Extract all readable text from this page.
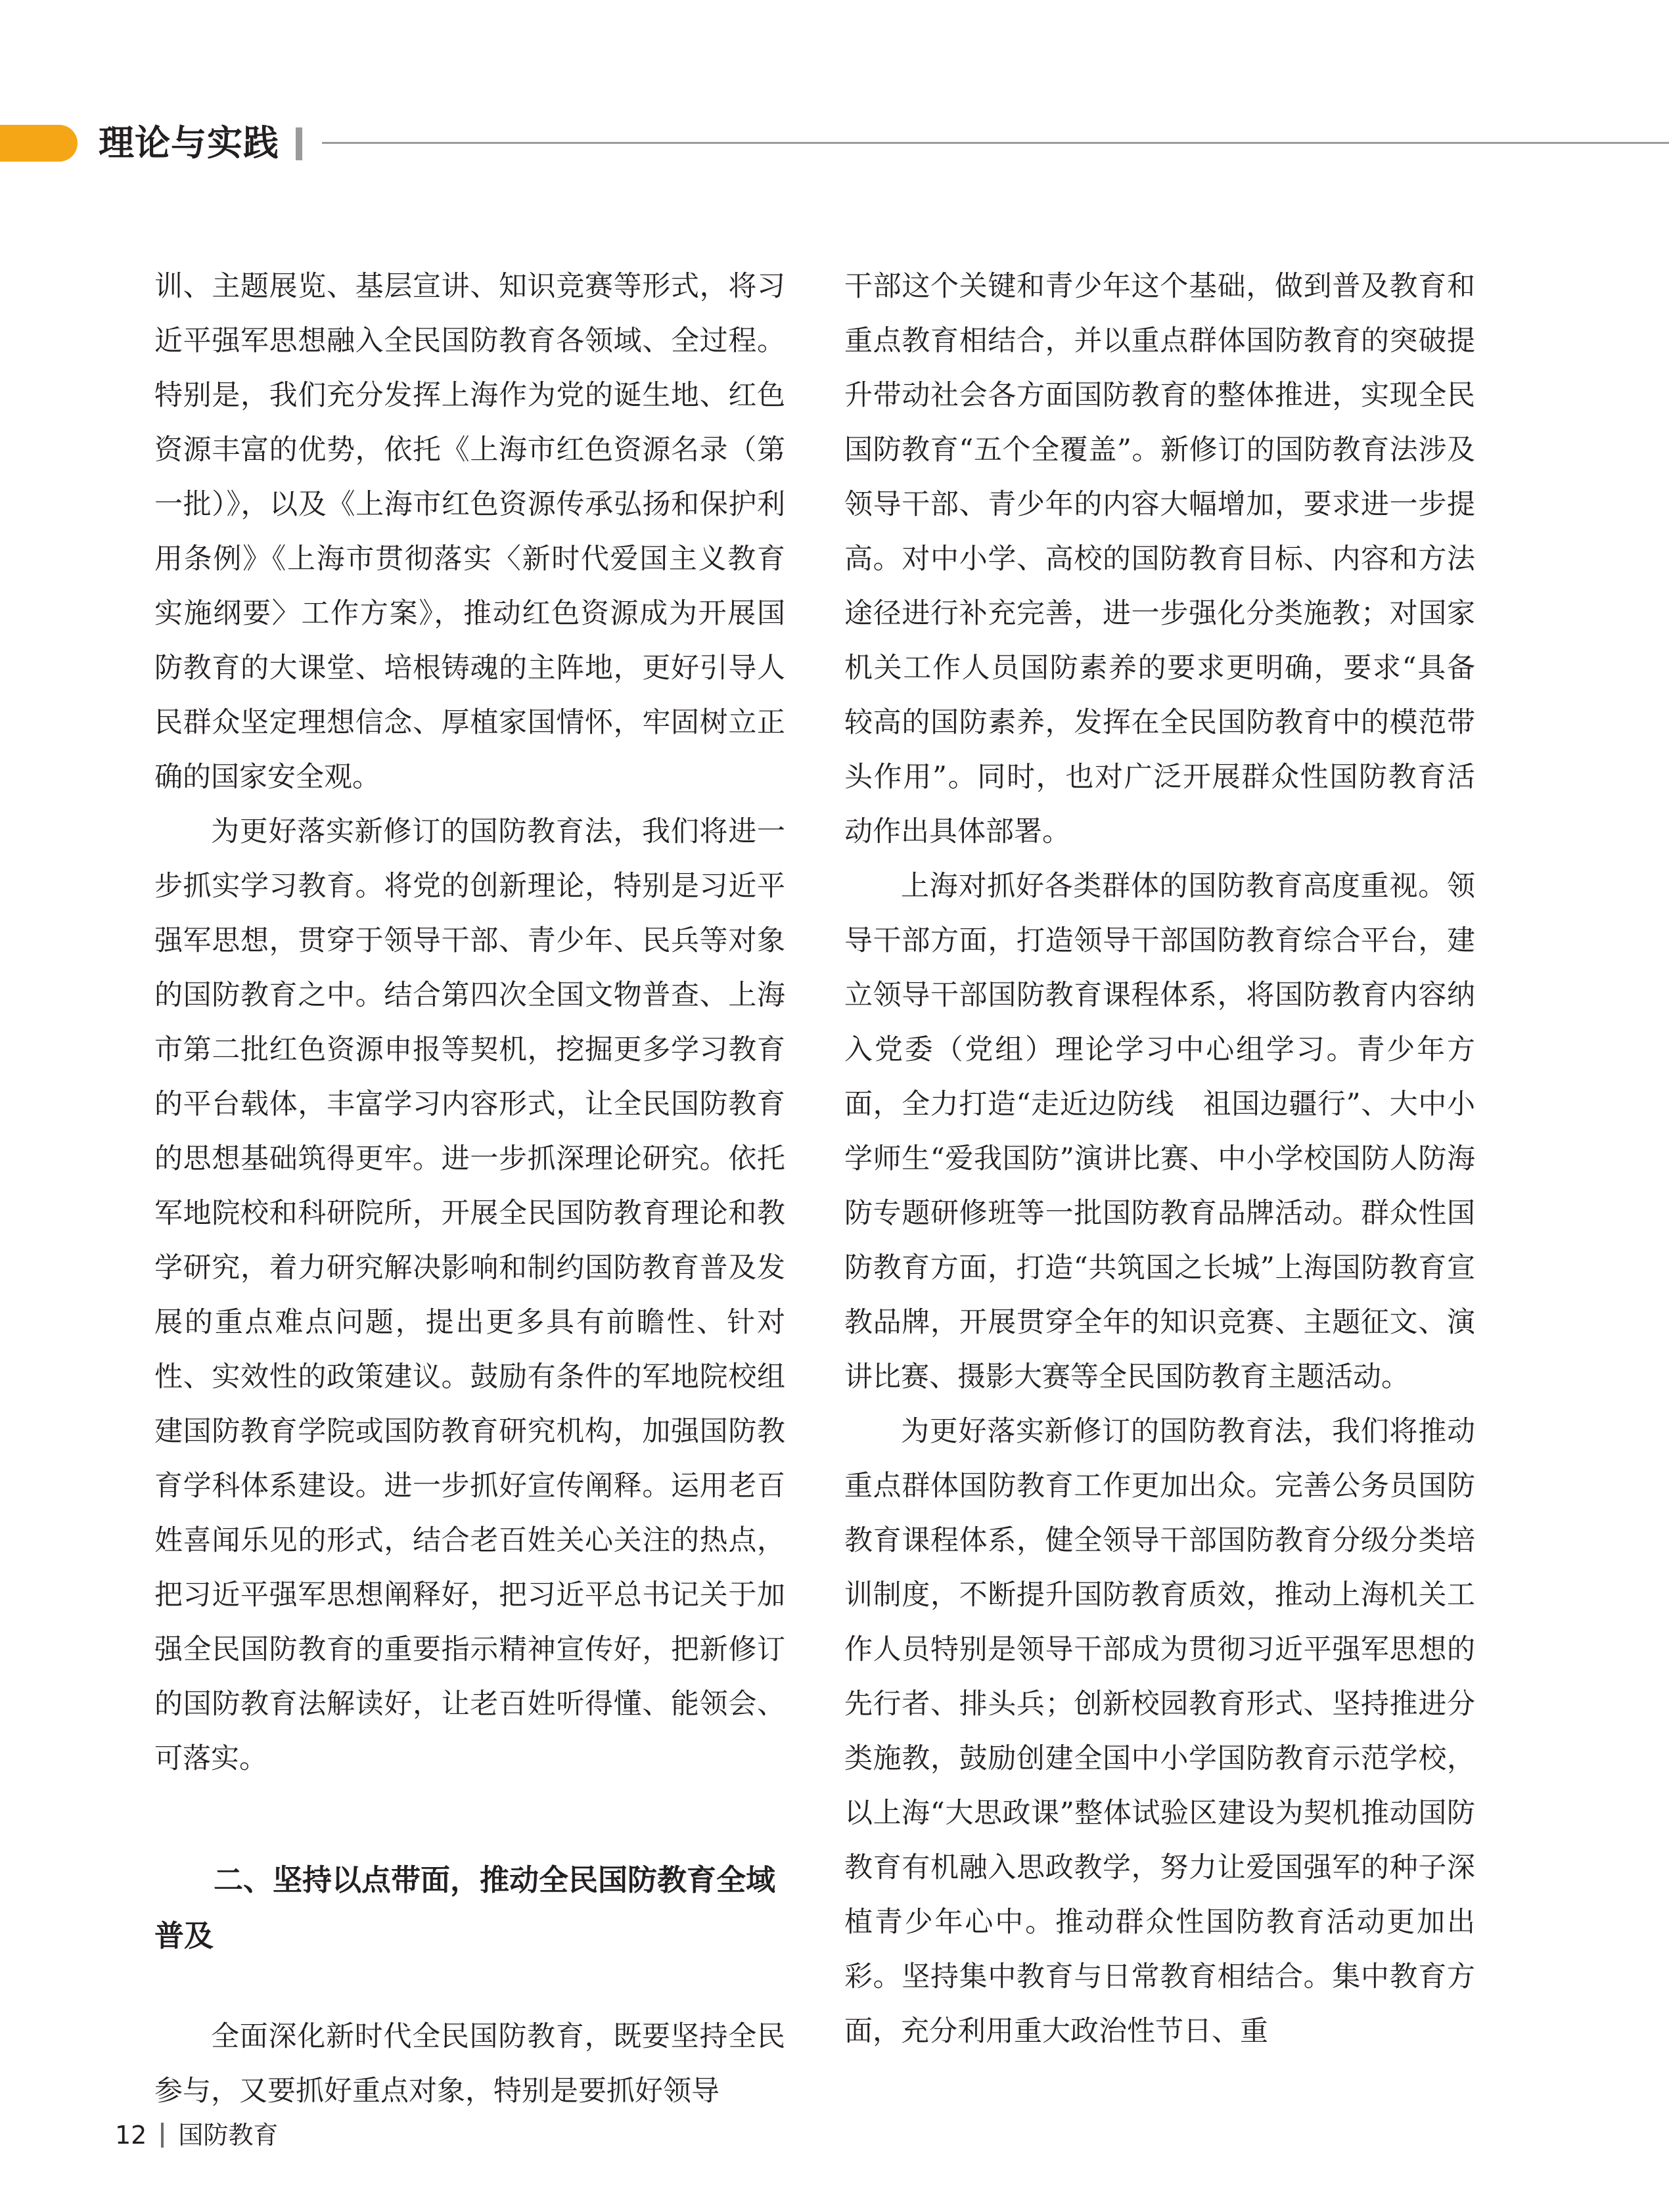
理论与实践

训、主题展览、基层宣讲、知识竞赛等形式，将习近平强军思想融入全民国防教育各领域、全过程。特别是，我们充分发挥上海作为党的诞生地、红色资源丰富的优势，依托《上海市红色资源名录（第一批）》，以及《上海市红色资源传承弘扬和保护利用条例》《上海市贯彻落实〈新时代爱国主义教育实施纲要〉工作方案》，推动红色资源成为开展国防教育的大课堂、培根铸魂的主阵地，更好引导人民群众坚定理想信念、厚植家国情怀，牢固树立正确的国家安全观。

为更好落实新修订的国防教育法，我们将进一步抓实学习教育。将党的创新理论，特别是习近平强军思想，贯穿于领导干部、青少年、民兵等对象的国防教育之中。结合第四次全国文物普查、上海市第二批红色资源申报等契机，挖掘更多学习教育的平台载体，丰富学习内容形式，让全民国防教育的思想基础筑得更牢。进一步抓深理论研究。依托军地院校和科研院所，开展全民国防教育理论和教学研究，着力研究解决影响和制约国防教育普及发展的重点难点问题，提出更多具有前瞻性、针对性、实效性的政策建议。鼓励有条件的军地院校组建国防教育学院或国防教育研究机构，加强国防教育学科体系建设。进一步抓好宣传阐释。运用老百姓喜闻乐见的形式，结合老百姓关心关注的热点，把习近平强军思想阐释好，把习近平总书记关于加强全民国防教育的重要指示精神宣传好，把新修订的国防教育法解读好，让老百姓听得懂、能领会、可落实。

二、坚持以点带面，推动全民国防教育全域普及

全面深化新时代全民国防教育，既要坚持全民参与，又要抓好重点对象，特别是要抓好领导

干部这个关键和青少年这个基础，做到普及教育和重点教育相结合，并以重点群体国防教育的突破提升带动社会各方面国防教育的整体推进，实现全民国防教育“五个全覆盖”。新修订的国防教育法涉及领导干部、青少年的内容大幅增加，要求进一步提高。对中小学、高校的国防教育目标、内容和方法途径进行补充完善，进一步强化分类施教；对国家机关工作人员国防素养的要求更明确，要求“具备较高的国防素养，发挥在全民国防教育中的模范带头作用”。同时，也对广泛开展群众性国防教育活动作出具体部署。

上海对抓好各类群体的国防教育高度重视。领导干部方面，打造领导干部国防教育综合平台，建立领导干部国防教育课程体系，将国防教育内容纳入党委（党组）理论学习中心组学习。青少年方面，全力打造“走近边防线　祖国边疆行”、大中小学师生“爱我国防”演讲比赛、中小学校国防人防海防专题研修班等一批国防教育品牌活动。群众性国防教育方面，打造“共筑国之长城”上海国防教育宣教品牌，开展贯穿全年的知识竞赛、主题征文、演讲比赛、摄影大赛等全民国防教育主题活动。

为更好落实新修订的国防教育法，我们将推动重点群体国防教育工作更加出众。完善公务员国防教育课程体系，健全领导干部国防教育分级分类培训制度，不断提升国防教育质效，推动上海机关工作人员特别是领导干部成为贯彻习近平强军思想的先行者、排头兵；创新校园教育形式、坚持推进分类施教，鼓励创建全国中小学国防教育示范学校，以上海“大思政课”整体试验区建设为契机推动国防教育有机融入思政教学，努力让爱国强军的种子深植青少年心中。推动群众性国防教育活动更加出彩。坚持集中教育与日常教育相结合。集中教育方面，充分利用重大政治性节日、重

12 国防教育
